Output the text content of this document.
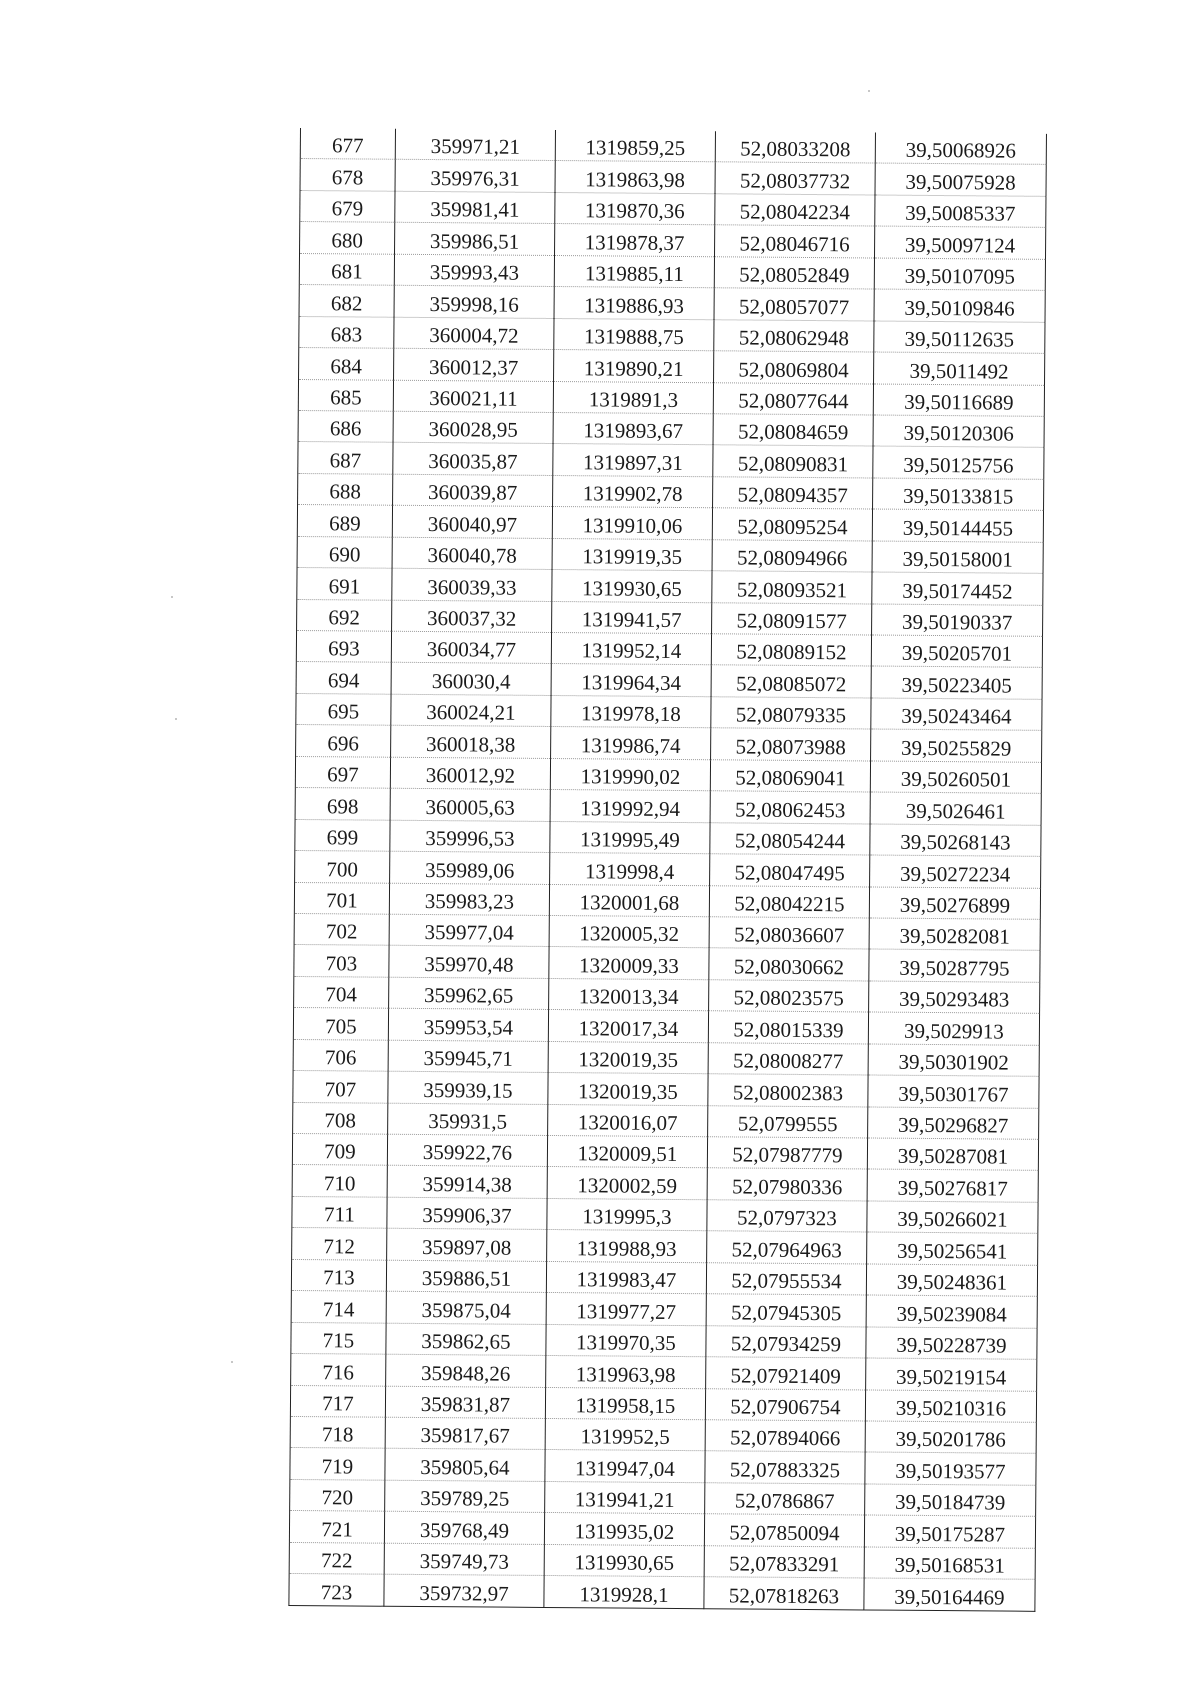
677	359971,21	1319859,25	52,08033208	39,50068926
678	359976,31	1319863,98	52,08037732	39,50075928
679	359981,41	1319870,36	52,08042234	39,50085337
680	359986,51	1319878,37	52,08046716	39,50097124
681	359993,43	1319885,11	52,08052849	39,50107095
682	359998,16	1319886,93	52,08057077	39,50109846
683	360004,72	1319888,75	52,08062948	39,50112635
684	360012,37	1319890,21	52,08069804	39,5011492
685	360021,11	1319891,3	52,08077644	39,50116689
686	360028,95	1319893,67	52,08084659	39,50120306
687	360035,87	1319897,31	52,08090831	39,50125756
688	360039,87	1319902,78	52,08094357	39,50133815
689	360040,97	1319910,06	52,08095254	39,50144455
690	360040,78	1319919,35	52,08094966	39,50158001
691	360039,33	1319930,65	52,08093521	39,50174452
692	360037,32	1319941,57	52,08091577	39,50190337
693	360034,77	1319952,14	52,08089152	39,50205701
694	360030,4	1319964,34	52,08085072	39,50223405
695	360024,21	1319978,18	52,08079335	39,50243464
696	360018,38	1319986,74	52,08073988	39,50255829
697	360012,92	1319990,02	52,08069041	39,50260501
698	360005,63	1319992,94	52,08062453	39,5026461
699	359996,53	1319995,49	52,08054244	39,50268143
700	359989,06	1319998,4	52,08047495	39,50272234
701	359983,23	1320001,68	52,08042215	39,50276899
702	359977,04	1320005,32	52,08036607	39,50282081
703	359970,48	1320009,33	52,08030662	39,50287795
704	359962,65	1320013,34	52,08023575	39,50293483
705	359953,54	1320017,34	52,08015339	39,5029913
706	359945,71	1320019,35	52,08008277	39,50301902
707	359939,15	1320019,35	52,08002383	39,50301767
708	359931,5	1320016,07	52,0799555	39,50296827
709	359922,76	1320009,51	52,07987779	39,50287081
710	359914,38	1320002,59	52,07980336	39,50276817
711	359906,37	1319995,3	52,0797323	39,50266021
712	359897,08	1319988,93	52,07964963	39,50256541
713	359886,51	1319983,47	52,07955534	39,50248361
714	359875,04	1319977,27	52,07945305	39,50239084
715	359862,65	1319970,35	52,07934259	39,50228739
716	359848,26	1319963,98	52,07921409	39,50219154
717	359831,87	1319958,15	52,07906754	39,50210316
718	359817,67	1319952,5	52,07894066	39,50201786
719	359805,64	1319947,04	52,07883325	39,50193577
720	359789,25	1319941,21	52,0786867	39,50184739
721	359768,49	1319935,02	52,07850094	39,50175287
722	359749,73	1319930,65	52,07833291	39,50168531
723	359732,97	1319928,1	52,07818263	39,50164469
